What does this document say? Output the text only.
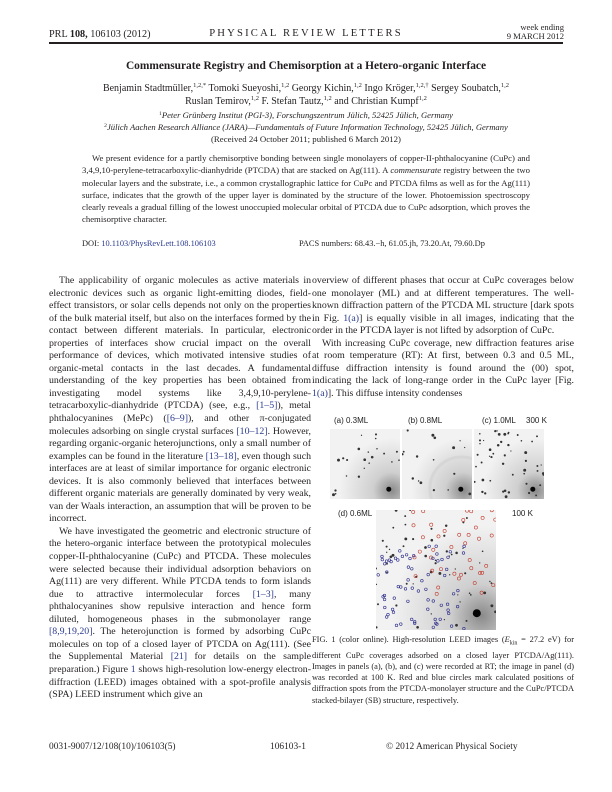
PRL 108, 106103 (2012)	PHYSICAL REVIEW LETTERS
week ending
9 MARCH 2012
Commensurate Registry and Chemisorption at a Hetero-organic Interface
Benjamin Stadtmüller,$^{1,2,*}$ Tomoki Sueyoshi,$^{1,2}$ Georgy Kichin,$^{1,2}$ Ingo Kröger,$^{1,2,\dagger}$ Sergey Soubatch,$^{1,2}$
Ruslan Temirov,$^{1,2}$ F. Stefan Tautz,$^{1,2}$ and Christian Kumpf$^{1,2}$
$^1$Peter Grünberg Institut (PGI-3), Forschungszentrum Jülich, 52425 Jülich, Germany
$^2$Jülich Aachen Research Alliance (JARA)—Fundamentals of Future Information Technology, 52425 Jülich, Germany
(Received 24 October 2011; published 6 March 2012)
We present evidence for a partly chemisorptive bonding between single monolayers of copper-II-phthalocyanine (CuPc) and 3,4,9,10-perylene-tetracarboxylic-dianhydride (PTCDA) that are stacked on Ag(111). A commensurate registry between the two molecular layers and the substrate, i.e., a common crystallographic lattice for CuPc and PTCDA films as well as for the Ag(111) surface, indicates that the growth of the upper layer is dominated by the structure of the lower. Photoemission spectroscopy clearly reveals a gradual filling of the lowest unoccupied molecular orbital of PTCDA due to CuPc adsorption, which proves the chemisorptive character.
DOI: 10.1103/PhysRevLett.108.106103	PACS numbers: 68.43.−h, 61.05.jh, 73.20.At, 79.60.Dp

The applicability of organic molecules as active materials in electronic devices such as organic light-emitting diodes, field-effect transistors, or solar cells depends not only on the properties of the bulk material itself, but also on the interfaces formed by the contact between different materials. In particular, electronic properties of interfaces show crucial impact on the overall performance of devices, which motivated intensive studies of organic-metal contacts in the last decades. A fundamental understanding of the key properties has been obtained from investigating model systems like 3,4,9,10-perylene-tetracarboxylic-dianhydride (PTCDA) (see, e.g., [1–5]), metal phthalocyanines (MePc) ([6–9]), and other π-conjugated molecules adsorbing on single crystal surfaces [10–12]. However, regarding organic-organic heterojunctions, only a small number of examples can be found in the literature [13–18], even though such interfaces are at least of similar importance for organic electronic devices. It is also commonly believed that interfaces between different organic materials are generally dominated by very weak, van der Waals interaction, an assumption that will be proven to be incorrect.

We have investigated the geometric and electronic structure of the hetero-organic interface between the prototypical molecules copper-II-phthalocyanine (CuPc) and PTCDA. These molecules were selected because their individual adsorption behaviors on Ag(111) are very different. While PTCDA tends to form islands due to attractive intermolecular forces [1–3], many phthalocyanines show repulsive interaction and hence form diluted, homogeneous phases in the submonolayer range [8,9,19,20]. The heterojunction is formed by adsorbing CuPc molecules on top of a closed layer of PTCDA on Ag(111). (See the Supplemental Material [21] for details on the sample preparation.) Figure 1 shows high-resolution low-energy electron-diffraction (LEED) images obtained with a spot-profile analysis (SPA) LEED instrument which give an

overview of different phases that occur at CuPc coverages below one monolayer (ML) and at different temperatures. The well-known diffraction pattern of the PTCDA ML structure [dark spots in Fig. 1(a)] is equally visible in all images, indicating that the order in the PTCDA layer is not lifted by adsorption of CuPc.

With increasing CuPc coverage, new diffraction features arise at room temperature (RT): At first, between 0.3 and 0.5 ML, diffuse diffraction intensity is found around the (00) spot, indicating the lack of long-range order in the CuPc layer [Fig. 1(a)]. This diffuse intensity condenses

(a) 0.3ML	(b) 0.8ML	(c) 1.0ML 300 K
(d) 0.6ML	100 K
FIG. 1 (color online). High-resolution LEED images ($E_{kin} = 27.2$ eV) for different CuPc coverages adsorbed on a closed layer PTCDA/Ag(111). Images in panels (a), (b), and (c) were recorded at RT; the image in panel (d) was recorded at 100 K. Red and blue circles mark calculated positions of diffraction spots from the PTCDA-monolayer structure and the CuPc/PTCDA stacked-bilayer (SB) structure, respectively.
0031-9007/12/108(10)/106103(5)	106103-1	© 2012 American Physical Society
